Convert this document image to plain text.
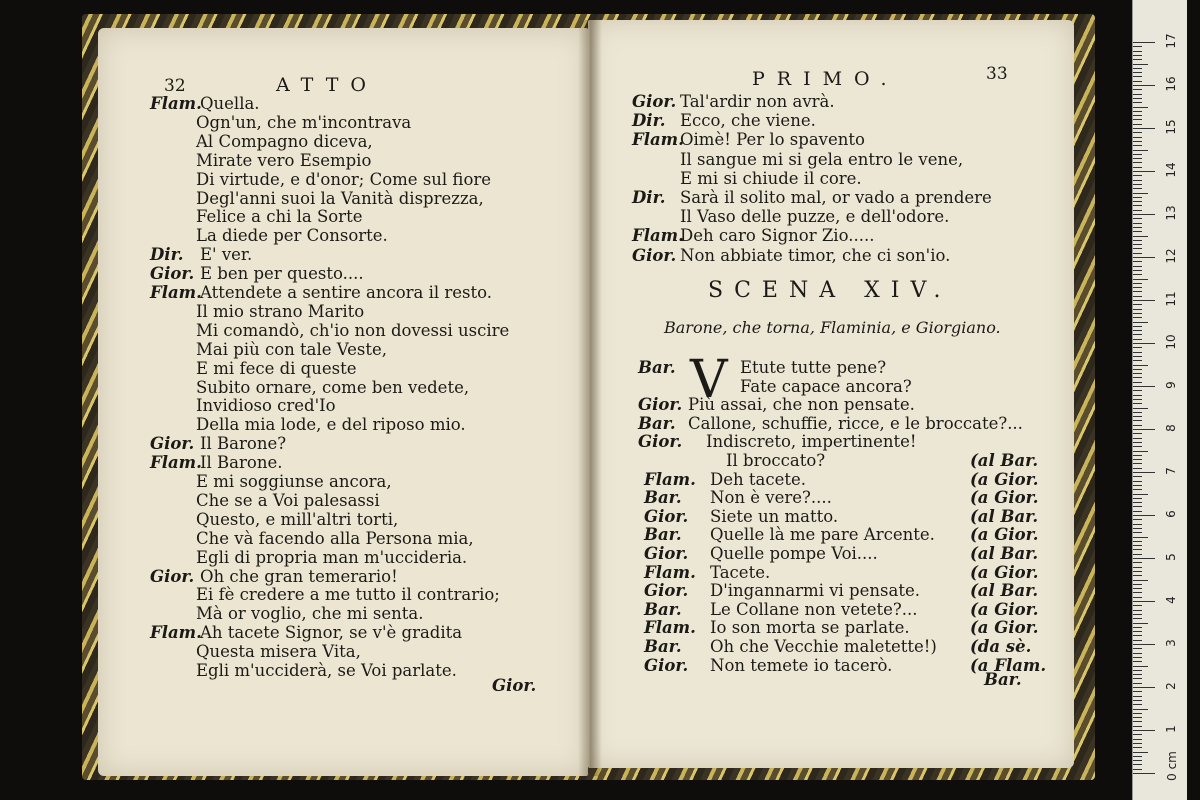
32	ATTO
Flam.
Quella.
Ogn'un, che m'incontrava
Al Compagno diceva,
Mirate vero Esempio
Di virtude, e d'onor; Come sul fiore
Degl'anni suoi la Vanità disprezza,
Felice a chi la Sorte
La diede per Consorte.
Dir. E' ver.
Gior. E ben per questo....
Flam.
Attendete a sentire ancora il resto.
Il mio strano Marito
Mi comandò, ch'io non dovessi uscire
Mai più con tale Veste,
E mi fece di queste
Subito ornare, come ben vedete,
Invidioso cred'Io
Della mia lode, e del riposo mio.
Gior. Il Barone?
Flam.
Il Barone.
E mi soggiunse ancora,
Che se a Voi palesassi
Questo, e mill'altri torti,
Che và facendo alla Persona mia,
Egli di propria man m'uccideria.
Gior. Oh che gran temerario!
Ei fè credere a me tutto il contrario;
Mà or voglio, che mi senta.
Flam.
Ah tacete Signor, se v'è gradita
Questa misera Vita,
Egli m'ucciderà, se Voi parlate.
Gior.
PRIMO.	33
Gior. Tal'ardir non avrà.
Dir. Ecco, che viene.
Flam.
Oimè! Per lo spavento
Il sangue mi si gela entro le vene,
E mi si chiude il core.
Dir. Sarà il solito mal, or vado a prendere
Il Vaso delle puzze, e dell'odore.
Flam.
Deh caro Signor Zio.....
Gior. Non abbiate timor, che ci son'io.
SCENA XIV.
Barone, che torna, Flaminia, e Giorgiano.
V
Bar.	Etute tutte pene?
Fate capace ancora?
Gior. Più assai, che non pensate.
Bar. Callone, schuffie, ricce, e le broccate?...
Gior. Indiscreto, impertinente!
Il broccato?	(al Bar.
Flam. Deh tacete.	(a Gior.
Bar. Non è vere?....	(a Gior.
Gior. Siete un matto.	(al Bar.
Bar. Quelle là me pare Arcente. (a Gior.
Gior. Quelle pompe Voi....	(al Bar.
Flam. Tacete.	(a Gior.
Gior. D'ingannarmi vi pensate.	(al Bar.
Bar. Le Collane non vetete?...	(a Gior.
Flam. Io son morta se parlate.	(a Gior.
Bar. Oh che Vecchie maletette!) (da sè.
Gior. Non temete io tacerò.	(a Flam.
Bar.
17
16
15
14
13
12
11
10
9
8
7
6
5
4
3
2
1
0 cm
